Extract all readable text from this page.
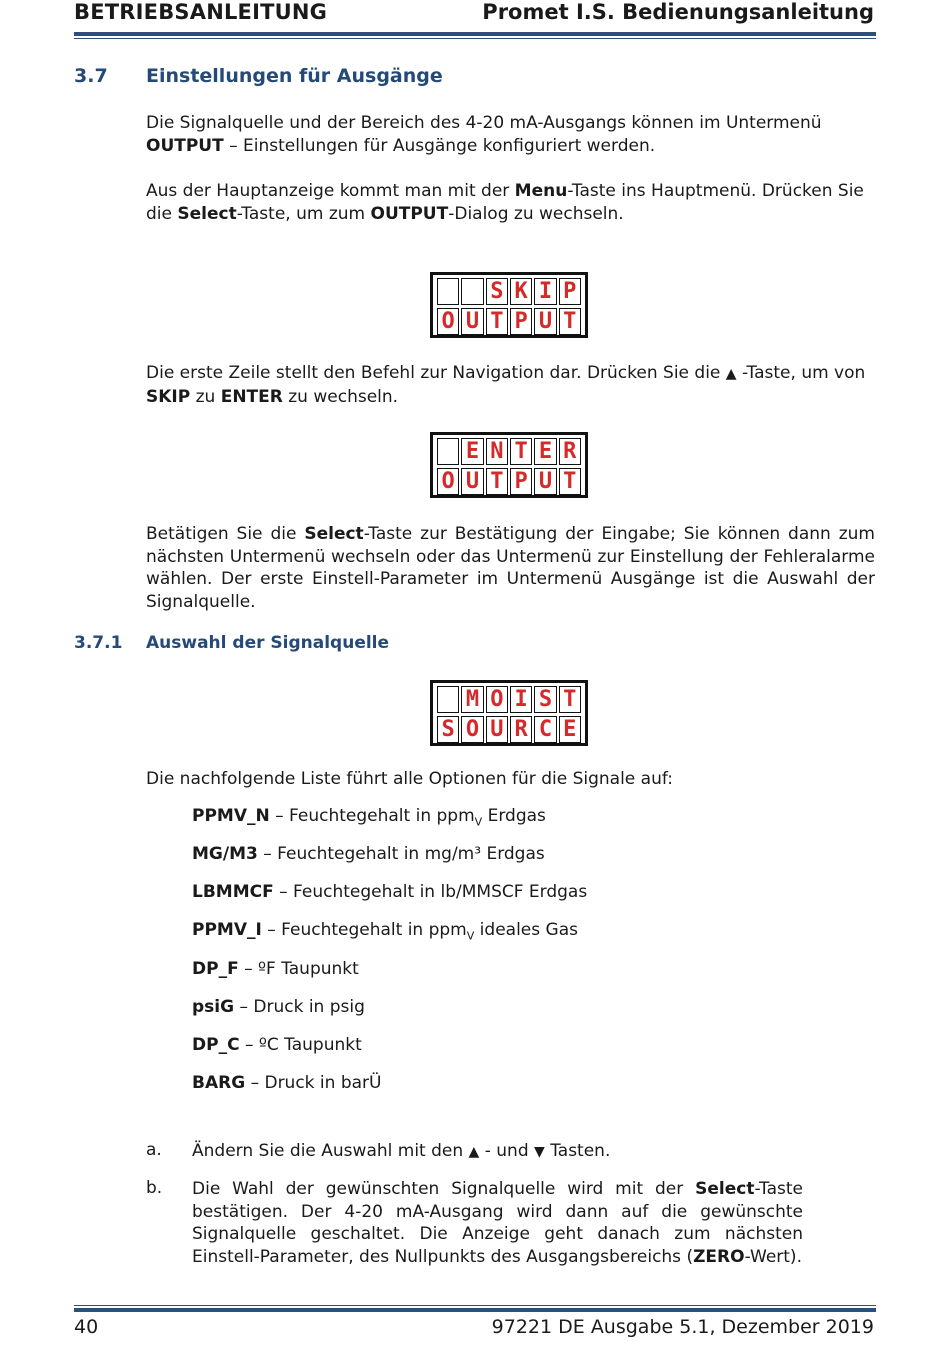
BETRIEBSANLEITUNG	Promet I.S. Bedienungsanleitung
3.7 Einstellungen für Ausgänge
Die Signalquelle und der Bereich des 4-20 mA-Ausgangs können im Untermenü OUTPUT – Einstellungen für Ausgänge konfiguriert werden.
Aus der Hauptanzeige kommt man mit der Menu-Taste ins Hauptmenü. Drücken Sie die Select-Taste, um zum OUTPUT-Dialog zu wechseln.
S K I P
O U T P U T
Die erste Zeile stellt den Befehl zur Navigation dar. Drücken Sie die ▲ -Taste, um von SKIP zu ENTER zu wechseln.
E N T E R
O U T P U T
Betätigen Sie die Select-Taste zur Bestätigung der Eingabe; Sie können dann zum nächsten Untermenü wechseln oder das Untermenü zur Einstellung der Fehleralarme wählen. Der erste Einstell-Parameter im Untermenü Ausgänge ist die Auswahl der Signalquelle.
3.7.1 Auswahl der Signalquelle
M O I S T
S O U R C E
Die nachfolgende Liste führt alle Optionen für die Signale auf:
PPMV_N – Feuchtegehalt in ppm$_V$ Erdgas
MG/M3 – Feuchtegehalt in mg/m³ Erdgas
LBMMCF – Feuchtegehalt in lb/MMSCF Erdgas
PPMV_I – Feuchtegehalt in ppm$_V$ ideales Gas
DP_F – ºF Taupunkt
psiG – Druck in psig
DP_C – ºC Taupunkt
BARG – Druck in barÜ
a. Ändern Sie die Auswahl mit den ▲ - und ▼ Tasten.
b. Die Wahl der gewünschten Signalquelle wird mit der Select-Taste bestätigen. Der 4-20 mA-Ausgang wird dann auf die gewünschte Signalquelle geschaltet. Die Anzeige geht danach zum nächsten Einstell-Parameter, des Nullpunkts des Ausgangsbereichs (ZERO-Wert).
40	97221 DE Ausgabe 5.1, Dezember 2019
